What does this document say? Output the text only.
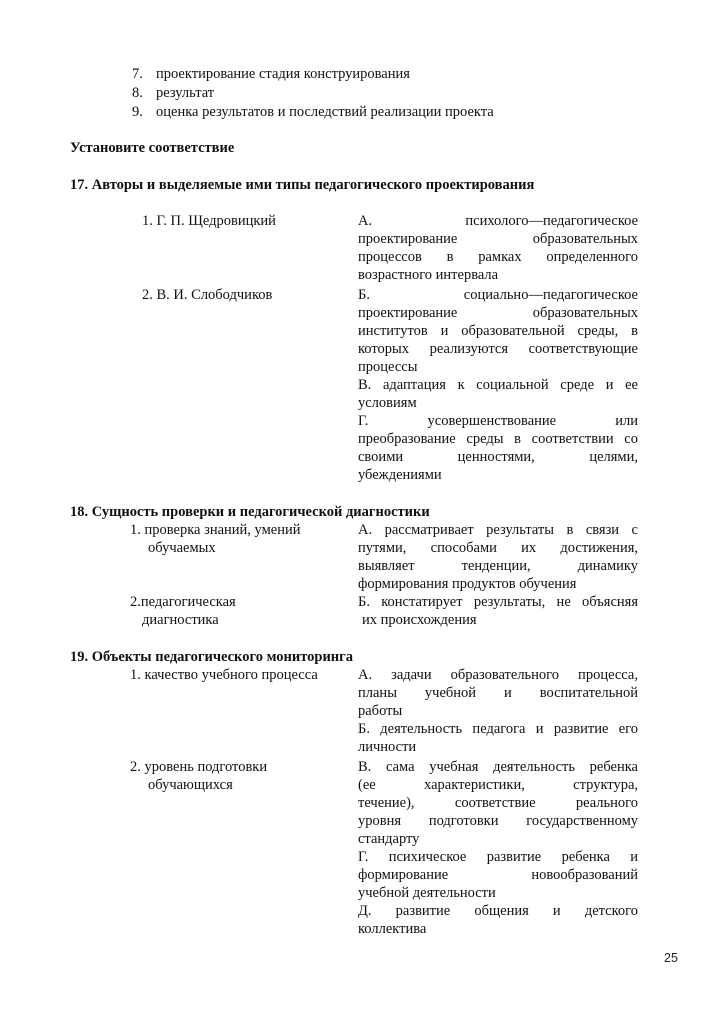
7. проектирование стадия конструирования
8. результат
9. оценка результатов и последствий реализации проекта
Установите соответствие
17. Авторы и выделяемые ими типы педагогического проектирования
1. Г. П. Щедровицкий
2. В. И. Слободчиков
А. психолого—педагогическое
проектирование образовательных
процессов в рамках определенного
возрастного интервала
Б. социально—педагогическое
проектирование образовательных
институтов и образовательной среды, в
которых реализуются соответствующие
процессы
В. адаптация к социальной среде и ее
условиям
Г. усовершенствование или
преобразование среды в соответствии со
своими ценностями, целями,
убеждениями
18. Сущность проверки и педагогической диагностики
1. проверка знаний, умений
обучаемых
2.педагогическая
диагностика
А. рассматривает результаты в связи с
путями, способами их достижения,
выявляет тенденции, динамику
формирования продуктов обучения
Б. констатирует результаты, не объясняя
их происхождения
19. Объекты педагогического мониторинга
1. качество учебного процесса
2. уровень подготовки
обучающихся
А. задачи образовательного процесса,
планы учебной и воспитательной
работы
Б. деятельность педагога и развитие его
личности
В. сама учебная деятельность ребенка
(ее характеристики, структура,
течение), соответствие реального
уровня подготовки государственному
стандарту
Г. психическое развитие ребенка и
формирование новообразований
учебной деятельности
Д. развитие общения и детского
коллектива
25
